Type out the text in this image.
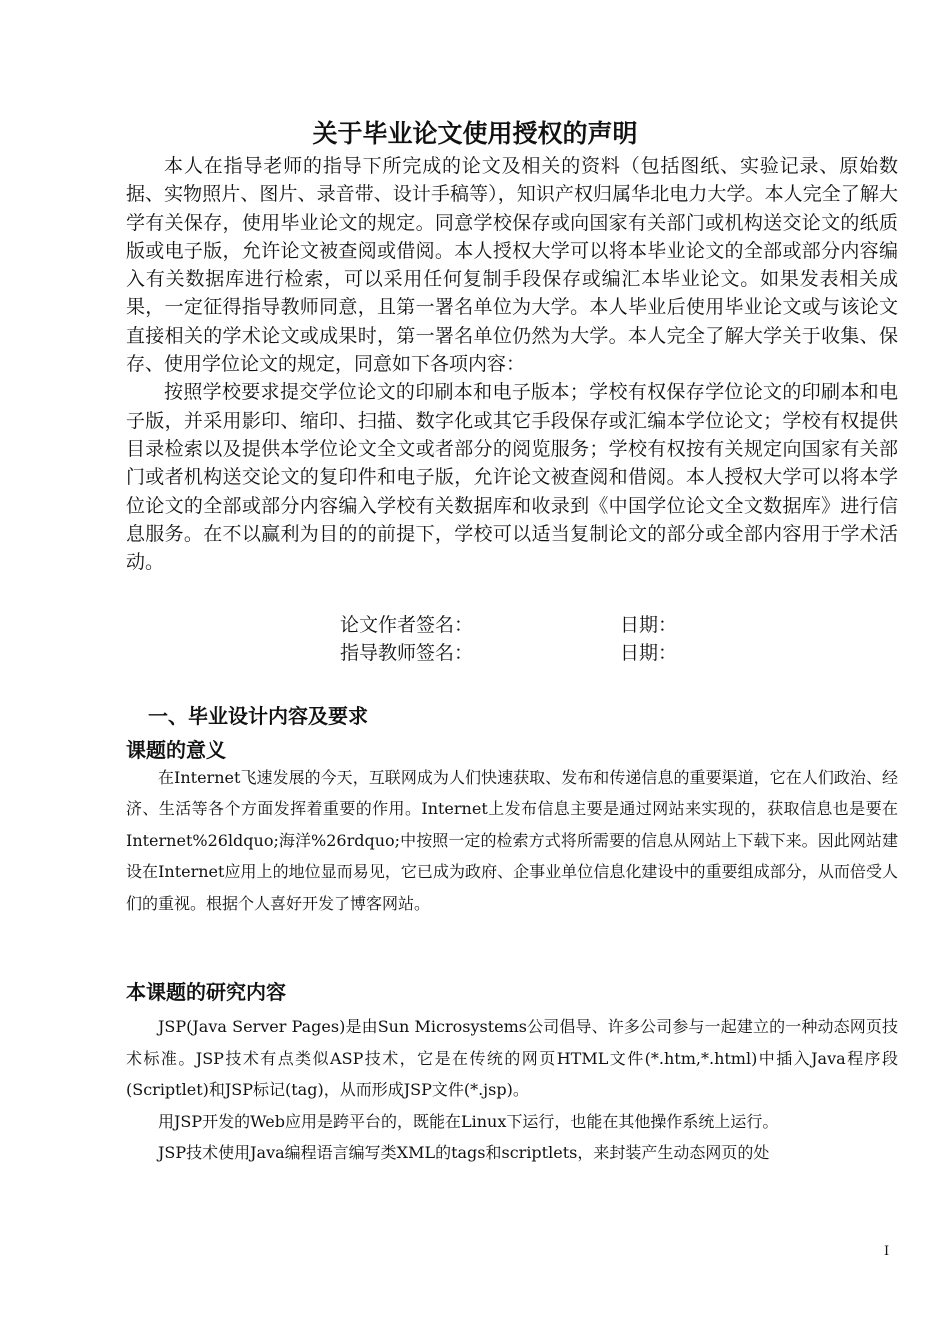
关于毕业论文使用授权的声明

本人在指导老师的指导下所完成的论文及相关的资料（包括图纸、实验记录、原始数据、实物照片、图片、录音带、设计手稿等），知识产权归属华北电力大学。本人完全了解大学有关保存，使用毕业论文的规定。同意学校保存或向国家有关部门或机构送交论文的纸质版或电子版，允许论文被查阅或借阅。本人授权大学可以将本毕业论文的全部或部分内容编入有关数据库进行检索，可以采用任何复制手段保存或编汇本毕业论文。如果发表相关成果，一定征得指导教师同意，且第一署名单位为大学。本人毕业后使用毕业论文或与该论文直接相关的学术论文或成果时，第一署名单位仍然为大学。本人完全了解大学关于收集、保存、使用学位论文的规定，同意如下各项内容：

按照学校要求提交学位论文的印刷本和电子版本；学校有权保存学位论文的印刷本和电子版，并采用影印、缩印、扫描、数字化或其它手段保存或汇编本学位论文；学校有权提供目录检索以及提供本学位论文全文或者部分的阅览服务；学校有权按有关规定向国家有关部门或者机构送交论文的复印件和电子版，允许论文被查阅和借阅。本人授权大学可以将本学位论文的全部或部分内容编入学校有关数据库和收录到《中国学位论文全文数据库》进行信息服务。在不以赢利为目的的前提下，学校可以适当复制论文的部分或全部内容用于学术活动。

论文作者签名：	日期：
指导教师签名：	日期：
一、毕业设计内容及要求
课题的意义

在Internet飞速发展的今天，互联网成为人们快速获取、发布和传递信息的重要渠道，它在人们政治、经济、生活等各个方面发挥着重要的作用。Internet上发布信息主要是通过网站来实现的，获取信息也是要在Internet%26ldquo;海洋%26rdquo;中按照一定的检索方式将所需要的信息从网站上下载下来。因此网站建设在Internet应用上的地位显而易见，它已成为政府、企事业单位信息化建设中的重要组成部分，从而倍受人们的重视。根据个人喜好开发了博客网站。

本课题的研究内容

JSP(Java Server Pages)是由Sun Microsystems公司倡导、许多公司参与一起建立的一种动态网页技术标准。JSP技术有点类似ASP技术，它是在传统的网页HTML文件(*.htm,*.html)中插入Java程序段(Scriptlet)和JSP标记(tag)，从而形成JSP文件(*.jsp)。

用JSP开发的Web应用是跨平台的，既能在Linux下运行，也能在其他操作系统上运行。

JSP技术使用Java编程语言编写类XML的tags和scriptlets，来封装产生动态网页的处

I
